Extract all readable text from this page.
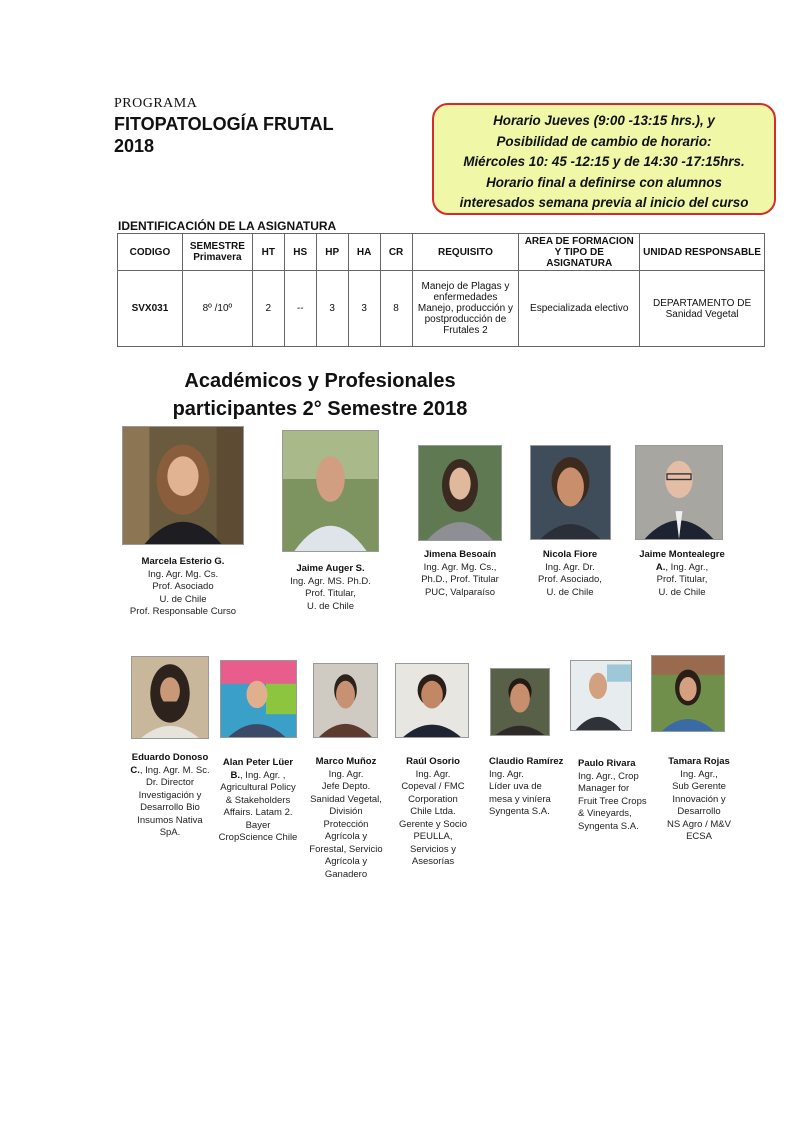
PROGRAMA
FITOPATOLOGÍA FRUTAL
2018
Horario Jueves (9:00 -13:15 hrs.), y
Posibilidad de cambio de horario:
Miércoles 10: 45 -12:15 y de 14:30 -17:15hrs.
Horario final a definirse con alumnos
interesados semana previa al inicio del curso
IDENTIFICACIÓN DE LA ASIGNATURA
CODIGO	SEMESTRE Primavera	HT	HS	HP	HA	CR	REQUISITO	AREA DE FORMACION Y TIPO DE ASIGNATURA	UNIDAD RESPONSABLE
SVX031	8º /10º	2	--	3	3	8	Manejo de Plagas y enfermedades Manejo, producción y postproducción de Frutales 2	Especializada electivo	DEPARTAMENTO DE Sanidad Vegetal
Académicos y Profesionales
participantes 2° Semestre 2018
Marcela Esterio G.
Ing. Agr. Mg. Cs.
Prof. Asociado
U. de Chile
Prof. Responsable Curso
Jaime Auger S.
Ing. Agr. MS. Ph.D.
Prof. Titular,
U. de Chile
Jimena Besoaín
Ing. Agr. Mg. Cs.,
Ph.D., Prof. Titular
PUC, Valparaíso
Nicola Fiore
Ing. Agr. Dr.
Prof. Asociado,
U. de Chile
Jaime Montealegre
A., Ing. Agr.,
Prof. Titular,
U. de Chile
Eduardo Donoso
C., Ing. Agr. M. Sc.
Dr. Director
Investigación y
Desarrollo Bio
Insumos Nativa
SpA.
Alan Peter Lüer
B., Ing. Agr. ,
Agricultural Policy
& Stakeholders
Affairs. Latam 2.
Bayer
CropScience Chile
Marco Muñoz
Ing. Agr.
Jefe Depto.
Sanidad Vegetal,
División
Protección
Agrícola y
Forestal, Servicio
Agrícola y
Ganadero
Raúl Osorio
Ing. Agr.
Copeval / FMC
Corporation
Chile Ltda.
Gerente y Socio
PEULLA,
Servicios y
Asesorías
Claudio Ramírez
Ing. Agr.
Líder uva de
mesa y viníera
Syngenta S.A.
Paulo Rivara
Ing. Agr., Crop
Manager for
Fruit Tree Crops
& Vineyards,
Syngenta S.A.
Tamara Rojas
Ing. Agr.,
Sub Gerente
Innovación y
Desarrollo
NS Agro / M&V
ECSA
